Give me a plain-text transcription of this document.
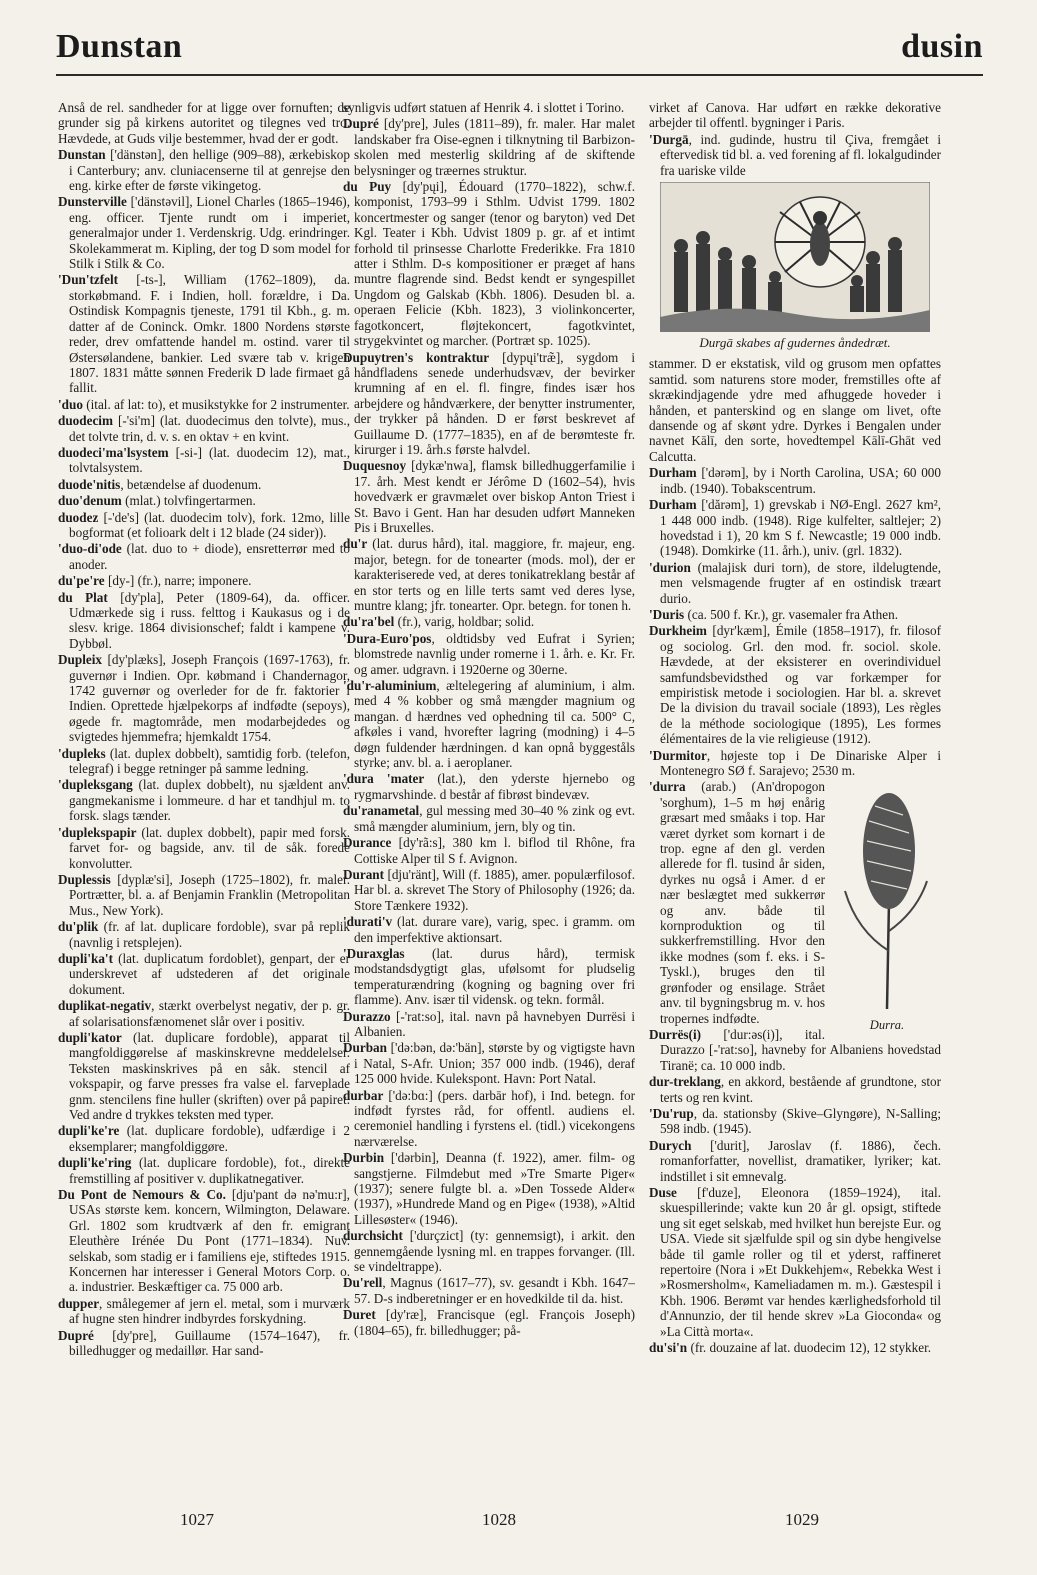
Dunstan	dusin

Anså de rel. sandheder for at ligge over fornuften; de grunder sig på kirkens autoritet og tilegnes ved tro. Hævdede, at Guds vilje bestemmer, hvad der er godt.

Dunstan ['dänstən], den hellige (909–88), ærkebiskop i Canterbury; anv. cluniacenserne til at genrejse den eng. kirke efter de første vikingetog.

Dunsterville ['dänstəvil], Lionel Charles (1865–1946), eng. officer. Tjente rundt om i imperiet, generalmajor under 1. Verdenskrig. Udg. erindringer. Skolekammerat m. Kipling, der tog D som model for Stilk i Stilk & Co.

'Dun'tzfelt [-ts-], William (1762–1809), da. storkøbmand. F. i Indien, holl. forældre, i Da. Ostindisk Kompagnis tjeneste, 1791 til Kbh., g. m. datter af de Coninck. Omkr. 1800 Nordens største reder, drev omfattende handel m. ostind. varer til Østersølandene, bankier. Led svære tab v. krigen 1807. 1831 måtte sønnen Frederik D lade firmaet gå fallit.

'duo (ital. af lat: to), et musikstykke for 2 instrumenter.

duodecim [-'si'm] (lat. duodecimus den tolvte), mus., det tolvte trin, d. v. s. en oktav + en kvint.

duodeci'ma'lsystem [-si-] (lat. duodecim 12), mat., tolvtalsystem.

duode'nitis, betændelse af duodenum.

duo'denum (mlat.) tolvfingertarmen.

duodez [-'de's] (lat. duodecim tolv), fork. 12mo, lille bogformat (et folioark delt i 12 blade (24 sider)).

'duo-di'ode (lat. duo to + diode), ensretterrør med to anoder.

du'pe're [dy-] (fr.), narre; imponere.

du Plat [dy'pla], Peter (1809-64), da. officer. Udmærkede sig i russ. felttog i Kaukasus og i de slesv. krige. 1864 divisionschef; faldt i kampene v. Dybbøl.

Dupleix [dy'plæks], Joseph François (1697-1763), fr. guvernør i Indien. Opr. købmand i Chandernagor, 1742 guvernør og overleder for de fr. faktorier i Indien. Oprettede hjælpekorps af indfødte (sepoys), øgede fr. magtområde, men modarbejdedes og svigtedes hjemmefra; hjemkaldt 1754.

'dupleks (lat. duplex dobbelt), samtidig forb. (telefon, telegraf) i begge retninger på samme ledning.

'dupleksgang (lat. duplex dobbelt), nu sjældent anv. gangmekanisme i lommeure. d har et tandhjul m. to forsk. slags tænder.

'dupleksp​apir (lat. duplex dobbelt), papir med forsk. farvet for- og bagside, anv. til de såk. forede konvolutter.

Duplessis [dyplæ'si], Joseph (1725–1802), fr. maler. Portrætter, bl. a. af Benjamin Franklin (Metropolitan Mus., New York).

du'plik (fr. af lat. duplicare fordoble), svar på replik (navnlig i retsplejen).

dupli'ka't (lat. duplicatum fordoblet), genpart, der er underskrevet af udstederen af det originale dokument.

duplikat-negativ, stærkt overbelyst negativ, der p. gr. af solarisationsfænomenet slår over i positiv.

dupli'kator (lat. duplicare fordoble), apparat til mangfoldiggørelse af maskinskrevne meddelelser. Teksten maskinskrives på en såk. stencil af vokspapir, og farve presses fra valse el. farveplade gnm. stencilens fine huller (skriften) over på papiret. Ved andre d trykkes teksten med typer.

dupli'ke're (lat. duplicare fordoble), udfærdige i 2 eksemplarer; mangfoldiggøre.

dupli'ke'ring (lat. duplicare fordoble), fot., direkte fremstilling af positiver v. duplikatnegativer.

Du Pont de Nemours & Co. [dju'pant də nə'mu:r], USAs største kem. koncern, Wilmington, Delaware. Grl. 1802 som krudtværk af den fr. emigrant Eleuthère Irénée Du Pont (1771–1834). Nuv. selskab, som stadig er i familiens eje, stiftedes 1915. Koncernen har interesser i General Motors Corp. o. a. industrier. Beskæftiger ca. 75 000 arb.

dupper, smålegemer af jern el. metal, som i murværk af hugne sten hindrer indbyrdes forskydning.

Dupré [dy'pre], Guillaume (1574–1647), fr. billedhugger og medaillør. Har sand-

synligvis udført statuen af Henrik 4. i slottet i Torino.

Dupré [dy'pre], Jules (1811–89), fr. maler. Har malet landskaber fra Oise-egnen i tilknytning til Barbizon-skolen med mesterlig skildring af de skiftende belysninger og træernes struktur.

du Puy [dy'pųi], Édouard (1770–1822), schw.f. komponist, 1793–99 i Sthlm. Udvist 1799. 1802 koncertmester og sanger (tenor og baryton) ved Det Kgl. Teater i Kbh. Udvist 1809 p. gr. af et intimt forhold til prinsesse Charlotte Frederikke. Fra 1810 atter i Sthlm. D-s kompositioner er præget af hans muntre flagrende sind. Bedst kendt er syngespillet Ungdom og Galskab (Kbh. 1806). Desuden bl. a. operaen Felicie (Kbh. 1823), 3 violinkoncerter, fagotkoncert, fløjtekoncert, fagotkvintet, strygekvintet og marcher. (Portræt sp. 1025).

Dupuytren's kontraktur [dypųi'træ̃], sygdom i håndfladens senede underhudsvæv, der bevirker krumning af en el. fl. fingre, findes især hos arbejdere og håndværkere, der benytter instrumenter, der trykker på hånden. D er først beskrevet af Guillaume D. (1777–1835), en af de berømteste fr. kirurger i 19. årh.s første halvdel.

Duquesnoy [dykæ'nwa], flamsk billedhuggerfamilie i 17. årh. Mest kendt er Jérôme D (1602–54), hvis hovedværk er gravmælet over biskop Anton Triest i St. Bavo i Gent. Han har desuden udført Manneken Pis i Bruxelles.

du'r (lat. durus hård), ital. maggiore, fr. majeur, eng. major, betegn. for de tonearter (mods. mol), der er karakteriserede ved, at deres tonikatreklang består af en stor terts og en lille terts samt ved deres lyse, muntre klang; jfr. tonearter. Opr. betegn. for tonen h.

du'ra'bel (fr.), varig, holdbar; solid.

'Dura-Euro'pos, oldtidsby ved Eufrat i Syrien; blomstrede navnlig under romerne i 1. årh. e. Kr. Fr. og amer. udgravn. i 1920erne og 30erne.

'du'r-aluminium, æltelegering af aluminium, i alm. med 4 % kobber og små mængder magnium og mangan. d hærdnes ved ophedning til ca. 500° C, afkøles i vand, hvorefter lagring (modning) i 4–5 døgn fuldender hærdningen. d kan opnå byggeståls styrke; anv. bl. a. i aeroplaner.

'dura 'mater (lat.), den yderste hjernebo og rygmarvshinde. d består af fibrøst bindevæv.

du'ranametal, gul messing med 30–40 % zink og evt. små mængder aluminium, jern, bly og tin.

Durance [dy'rã:s], 380 km l. biflod til Rhône, fra Cottiske Alper til S f. Avignon.

Durant [dju'ränt], Will (f. 1885), amer. populærfilosof. Har bl. a. skrevet The Story of Philosophy (1926; da. Store Tænkere 1932).

'durati'v (lat. durare vare), varig, spec. i gramm. om den imperfektive aktionsart.

'Duraxglas (lat. durus hård), termisk modstandsdygtigt glas, ufølsomt for pludselig temperaturændring (kogning og bagning over fri flamme). Anv. især til vidensk. og tekn. formål.

Durazzo [-'rat:so], ital. navn på havnebyen Durrësi i Albanien.

Durban ['də:bən, də:'bän], største by og vigtigste havn i Natal, S-Afr. Union; 357 000 indb. (1946), deraf 125 000 hvide. Kulekspont. Havn: Port Natal.

durbar ['də:bɑ:] (pers. darbār hof), i Ind. betegn. for indfødt fyrstes råd, for offentl. audiens el. ceremoniel handling i fyrstens el. (tidl.) vicekongens nærværelse.

Durbin ['dərbin], Deanna (f. 1922), amer. film- og sangstjerne. Filmdebut med »Tre Smarte Piger« (1937); senere fulgte bl. a. »Den Tossede Alder« (1937), »Hundrede Mand og en Pige« (1938), »Altid Lillesøster« (1946).

durchsicht ['durçzict] (ty: gennemsigt), i arkit. den gennemgående lysning ml. en trappes forvanger. (Ill. se vindeltrappe).

Du'rell, Magnus (1617–77), sv. gesandt i Kbh. 1647–57. D-s indberetninger er en hovedkilde til da. hist.

Duret [dy'ræ], Francisque (egl. François Joseph) (1804–65), fr. billedhugger; på-

virket af Canova. Har udført en række dekorative arbejder til offentl. bygninger i Paris.

'Durgā, ind. gudinde, hustru til Çiva, fremgået i eftervedisk tid bl. a. ved forening af fl. lokalgudinder fra uariske vilde

Durgā skabes af gudernes åndedræt.

stammer. D er ekstatisk, vild og grusom men opfattes samtid. som naturens store moder, fremstilles ofte af skrækindjagende ydre med afhuggede hoveder i hånden, et panterskind og en slange om livet, ofte dansende og af skønt ydre. Dyrkes i Bengalen under navnet Kālī, den sorte, hovedtempel Kālī-Ghāt ved Calcutta.

Durham ['dərəm], by i North Carolina, USA; 60 000 indb. (1940). Tobakscentrum.

Durham ['dărəm], 1) grevskab i NØ-Engl. 2627 km², 1 448 000 indb. (1948). Rige kulfelter, saltlejer; 2) hovedstad i 1), 20 km S f. Newcastle; 19 000 indb. (1948). Domkirke (11. årh.), univ. (grl. 1832).

'durion (malajisk duri torn), de store, ildelugtende, men velsmagende frugter af en ostindisk træart durio.

'Duris (ca. 500 f. Kr.), gr. vasemaler fra Athen.

Durkheim [dyr'kæm], Émile (1858–1917), fr. filosof og sociolog. Grl. den mod. fr. sociol. skole. Hævdede, at der eksisterer en overindividuel samfundsbevidsthed og var forkæmper for empiristisk metode i sociologien. Har bl. a. skrevet De la division du travail sociale (1893), Les règles de la méthode sociologique (1895), Les formes élémentaires de la vie religieuse (1912).

'Durmitor, højeste top i De Dinariske Alper i Montenegro SØ f. Sarajevo; 2530 m.

Durra.

'durra (arab.) (An'dropogon 'sorghum), 1–5 m høj enårig græsart med småaks i top. Har været dyrket som kornart i de trop. egne af den gl. verden allerede for fl. tusind år siden, dyrkes nu også i Amer. d er nær beslægtet med sukkerrør og anv. både til kornproduktion og til sukkerfremstilling. Hvor den ikke modnes (som f. eks. i S-Tyskl.), bruges den til grønfoder og ensilage. Strået anv. til bygningsbrug m. v. hos tropernes indfødte.

Durrës(i) ['dur:əs(i)], ital. Durazzo [-'rat:so], havneby for Albaniens hovedstad Tiranë; ca. 10 000 indb.

dur-treklang, en akkord, bestående af grundtone, stor terts og ren kvint.

'Du'rup, da. stationsby (Skive–Glyngøre), N-Salling; 598 indb. (1945).

Durych ['durit], Jaroslav (f. 1886), čech. romanforfatter, novellist, dramatiker, lyriker; kat. indstillet i sit emnevalg.

Duse [f'duze], Eleonora (1859–1924), ital. skuespillerinde; vakte kun 20 år gl. opsigt, stiftede ung sit eget selskab, med hvilket hun berejste Eur. og USA. Viede sit sjælfulde spil og sin dybe hengivelse både til gamle roller og til et yderst, raffineret repertoire (Nora i »Et Dukkehjem«, Rebekka West i »Rosmersholm«, Kameliadamen m. m.). Gæstespil i Kbh. 1906. Berømt var hendes kærlighedsforhold til d'Annunzio, der til hende skrev »La Gioconda« og »La Città morta«.

du'si'n (fr. douzaine af lat. duodecim 12), 12 stykker.

1027	1028	1029
